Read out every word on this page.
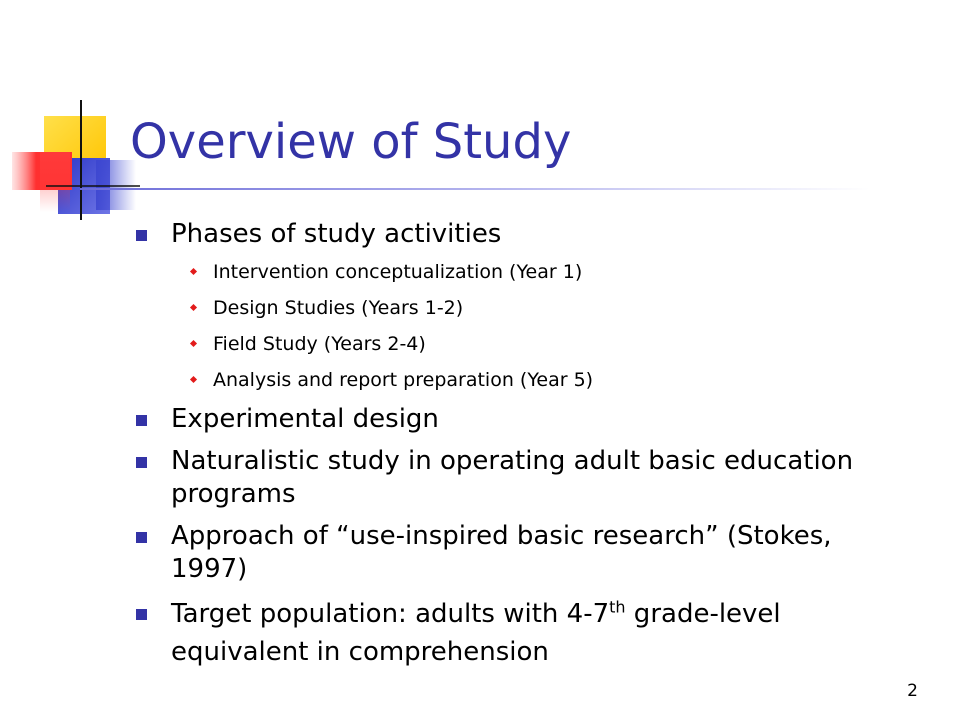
Overview of Study
Phases of study activities
Intervention conceptualization (Year 1)
Design Studies (Years 1-2)
Field Study (Years 2-4)
Analysis and report preparation (Year 5)
Experimental design
Naturalistic study in operating adult basic education programs
Approach of “use-inspired basic research” (Stokes, 1997)
Target population: adults with 4-7th grade-level equivalent in comprehension
2
